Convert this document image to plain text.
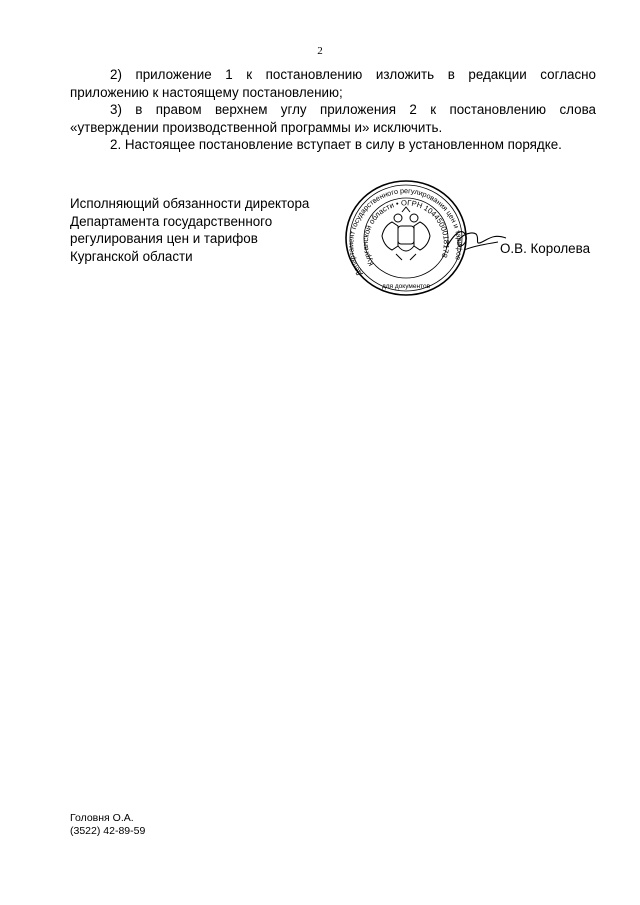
2

2) приложение 1 к постановлению изложить в редакции согласно приложению к настоящему постановлению;

3) в правом верхнем углу приложения 2 к постановлению слова «утверждении производственной программы и» исключить.

2. Настоящее постановление вступает в силу в установленном порядке.

Исполняющий обязанности директора
Департамента государственного
регулирования цен и тарифов
Курганской области
Департамент государственного регулирования цен и тарифов
Курганской области • ОГРН 1044500018178
для документов
О.В. Королева
Головня О.А.
(3522) 42-89-59
